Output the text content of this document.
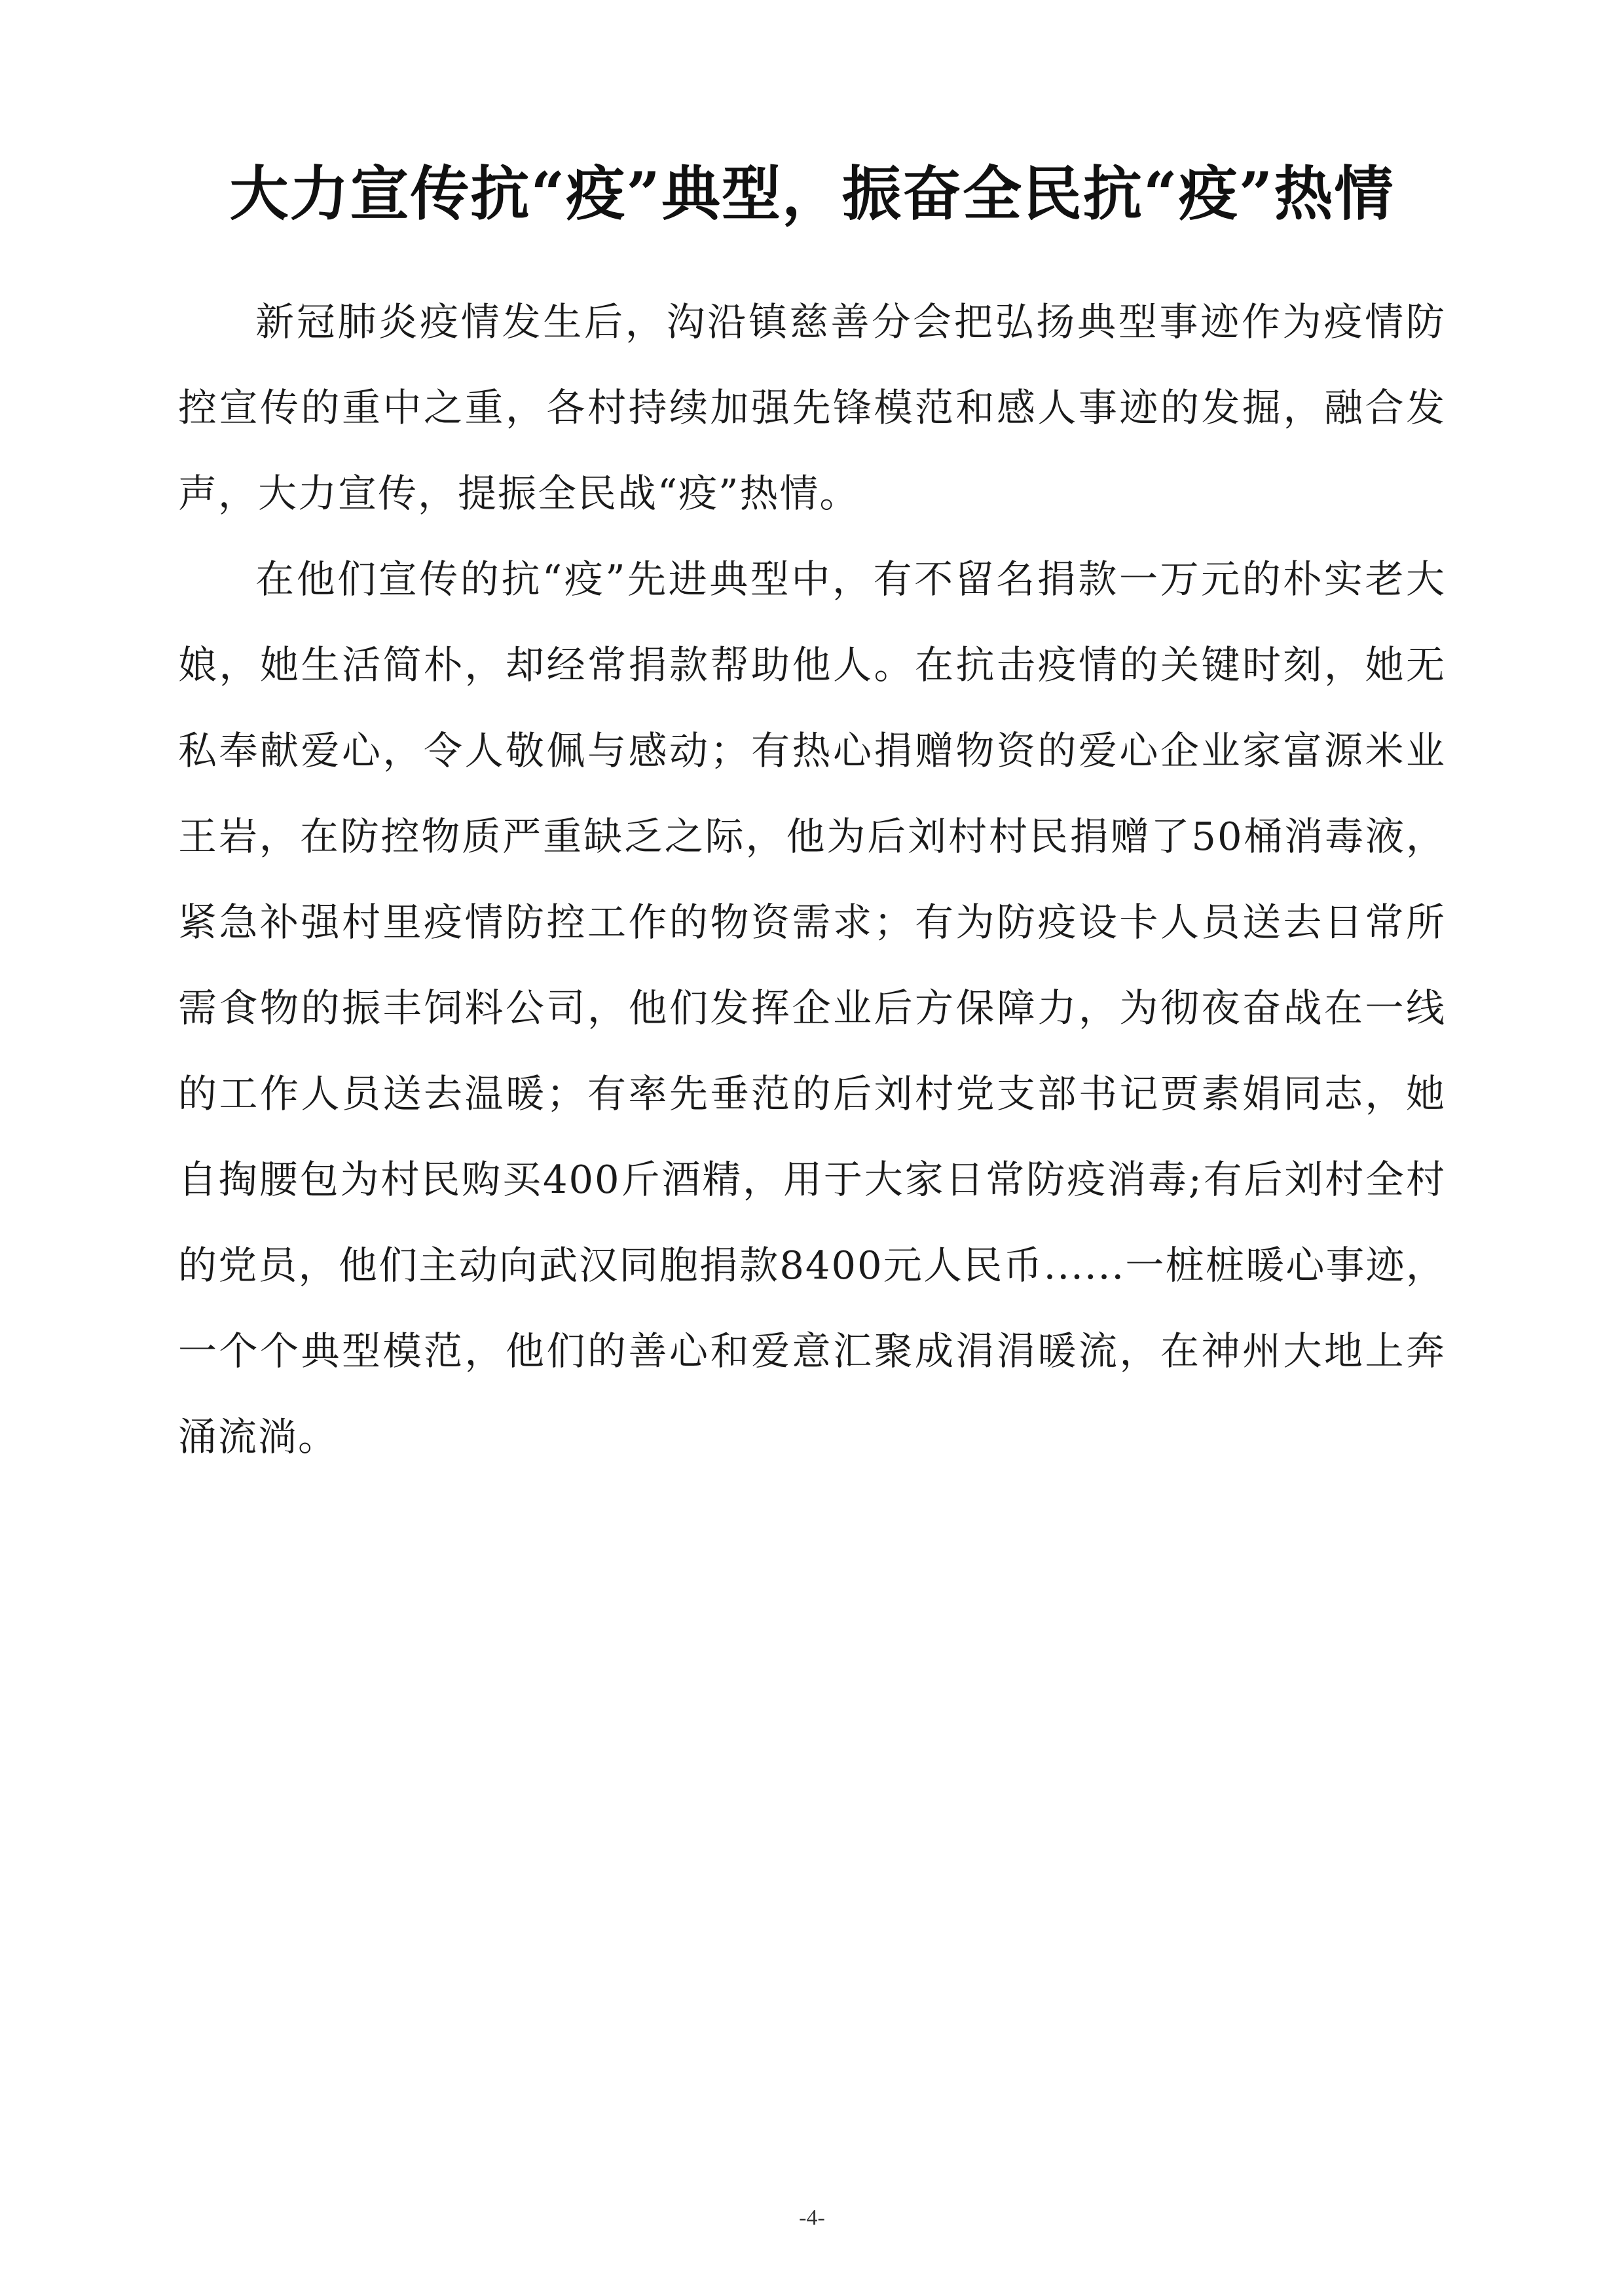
大力宣传抗“疫”典型，振奋全民抗“疫”热情

新冠肺炎疫情发生后，沟沿镇慈善分会把弘扬典型事迹作为疫情防控宣传的重中之重，各村持续加强先锋模范和感人事迹的发掘，融合发声，大力宣传，提振全民战“疫”热情。

在他们宣传的抗“疫”先进典型中，有不留名捐款一万元的朴实老大娘，她生活简朴，却经常捐款帮助他人。在抗击疫情的关键时刻，她无私奉献爱心，令人敬佩与感动；有热心捐赠物资的爱心企业家富源米业王岩，在防控物质严重缺乏之际，他为后刘村村民捐赠了50桶消毒液，紧急补强村里疫情防控工作的物资需求；有为防疫设卡人员送去日常所需食物的振丰饲料公司，他们发挥企业后方保障力，为彻夜奋战在一线的工作人员送去温暖；有率先垂范的后刘村党支部书记贾素娟同志，她自掏腰包为村民购买400斤酒精，用于大家日常防疫消毒;有后刘村全村的党员，他们主动向武汉同胞捐款8400元人民币......一桩桩暖心事迹，一个个典型模范，他们的善心和爱意汇聚成涓涓暖流，在神州大地上奔涌流淌。

-4-
